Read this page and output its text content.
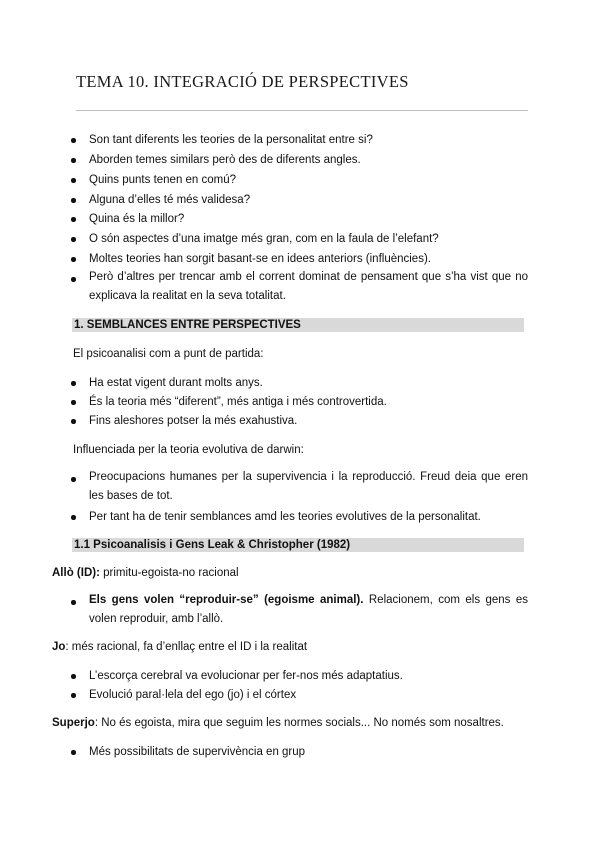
TEMA 10. INTEGRACIÓ DE PERSPECTIVES
Son tant diferents les teories de la personalitat entre si?
Aborden temes similars però des de diferents angles.
Quins punts tenen en comú?
Alguna d’elles té més validesa?
Quina és la millor?
O són aspectes d’una imatge més gran, com en la faula de l’elefant?
Moltes teories han sorgit basant-se en idees anteriors (influències).
Però d’altres per trencar amb el corrent dominat de pensament que s’ha vist que no explicava la realitat en la seva totalitat.
1. SEMBLANCES ENTRE PERSPECTIVES
El psicoanalisi com a punt de partida:
Ha estat vigent durant molts anys.
És la teoria més “diferent”, més antiga i més controvertida.
Fins aleshores potser la més exahustiva.
Influenciada per la teoria evolutiva de darwin:
Preocupacions humanes per la supervivencia i la reproducció. Freud deia que eren les bases de tot.
Per tant ha de tenir semblances amd les teories evolutives de la personalitat.
1.1 Psicoanalisis i Gens Leak & Christopher (1982)
Allò (ID): primitu-egoista-no racional
Els gens volen “reproduir-se” (egoisme animal). Relacionem, com els gens es volen reproduir, amb l’allò.
Jo: més racional, fa d’enllaç entre el ID i la realitat
L’escorça cerebral va evolucionar per fer-nos més adaptatius.
Evolució paral·lela del ego (jo) i el córtex
Superjo: No és egoista, mira que seguim les normes socials... No només som nosaltres.
Més possibilitats de supervivència en grup
